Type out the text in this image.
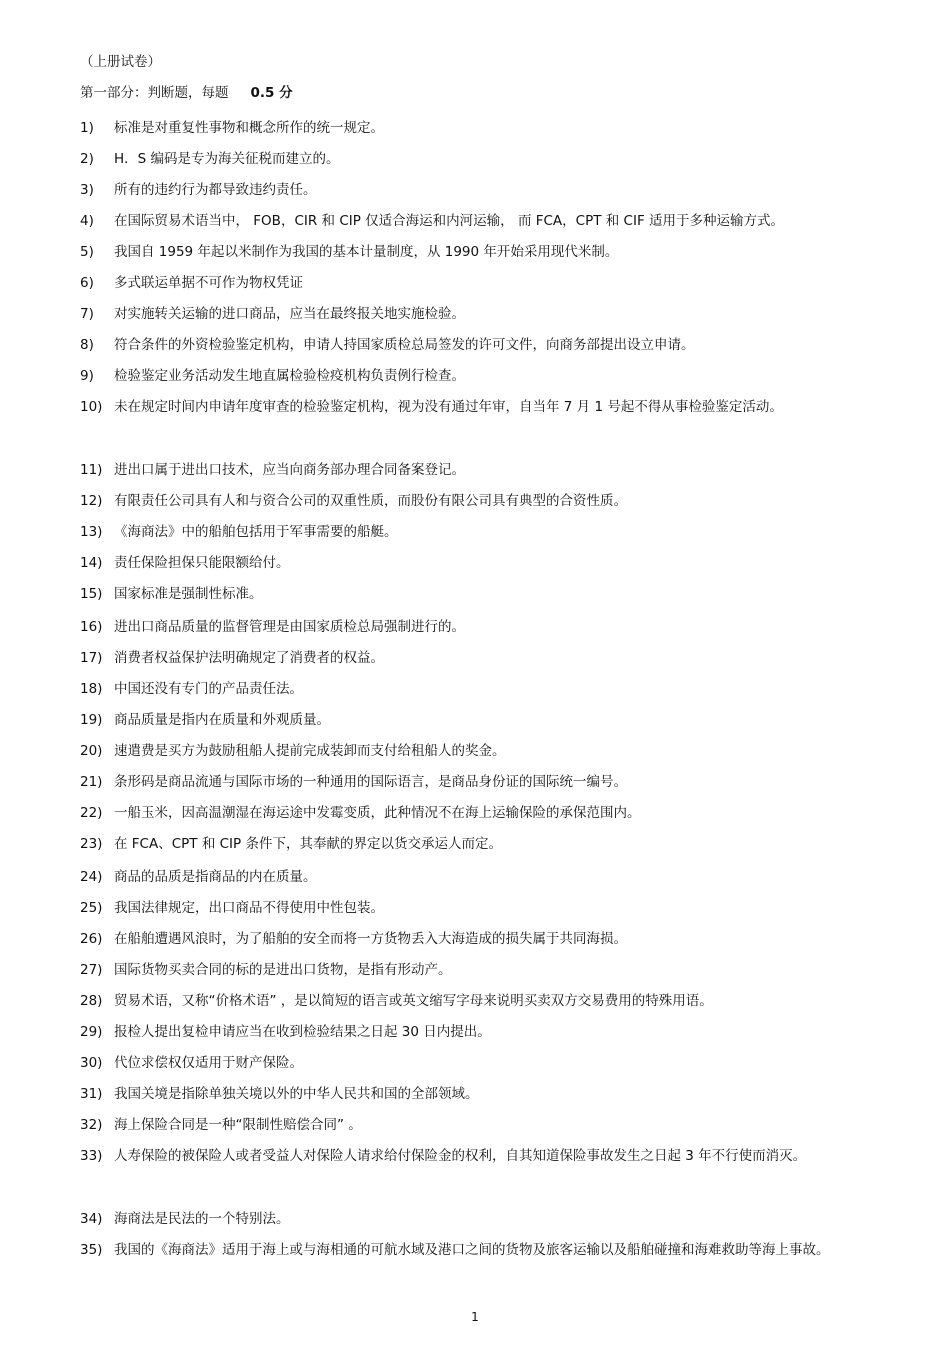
（上册试卷）
第一部分：判断题，每题 0.5 分
1)	标准是对重复性事物和概念所作的统一规定。
2)	H．S 编码是专为海关征税而建立的。
3)	所有的违约行为都导致违约责任。
4)	在国际贸易术语当中， FOB，CIR 和 CIP 仅适合海运和内河运输， 而 FCA，CPT 和 CIF 适用于多种运输方式。
5)	我国自 1959 年起以米制作为我国的基本计量制度，从 1990 年开始采用现代米制。
6)	多式联运单据不可作为物权凭证
7)	对实施转关运输的进口商品，应当在最终报关地实施检验。
8)	符合条件的外资检验鉴定机构，申请人持国家质检总局签发的许可文件，向商务部提出设立申请。
9)	检验鉴定业务活动发生地直属检验检疫机构负责例行检查。
10) 未在规定时间内申请年度审查的检验鉴定机构，视为没有通过年审，自当年 7 月 1 号起不得从事检验鉴定活动。
11) 进出口属于进出口技术，应当向商务部办理合同备案登记。
12) 有限责任公司具有人和与资合公司的双重性质，而股份有限公司具有典型的合资性质。
13) 《海商法》中的船舶包括用于军事需要的船艇。
14) 责任保险担保只能限额给付。
15) 国家标准是强制性标准。
16) 进出口商品质量的监督管理是由国家质检总局强制进行的。
17) 消费者权益保护法明确规定了消费者的权益。
18) 中国还没有专门的产品责任法。
19) 商品质量是指内在质量和外观质量。
20) 速遣费是买方为鼓励租船人提前完成装卸而支付给租船人的奖金。
21) 条形码是商品流通与国际市场的一种通用的国际语言，是商品身份证的国际统一编号。
22) 一船玉米，因高温潮湿在海运途中发霉变质，此种情况不在海上运输保险的承保范围内。
23) 在 FCA、CPT 和 CIP 条件下，其奉献的界定以货交承运人而定。
24) 商品的品质是指商品的内在质量。
25) 我国法律规定，出口商品不得使用中性包装。
26) 在船舶遭遇风浪时，为了船舶的安全而将一方货物丢入大海造成的损失属于共同海损。
27) 国际货物买卖合同的标的是进出口货物，是指有形动产。
28) 贸易术语，又称“价格术语” ，是以简短的语言或英文缩写字母来说明买卖双方交易费用的特殊用语。
29) 报检人提出复检申请应当在收到检验结果之日起 30 日内提出。
30) 代位求偿权仅适用于财产保险。
31) 我国关境是指除单独关境以外的中华人民共和国的全部领域。
32) 海上保险合同是一种“限制性赔偿合同” 。
33) 人寿保险的被保险人或者受益人对保险人请求给付保险金的权利，自其知道保险事故发生之日起 3 年不行使而消灭。
34) 海商法是民法的一个特别法。
35) 我国的《海商法》适用于海上或与海相通的可航水域及港口之间的货物及旅客运输以及船舶碰撞和海难救助等海上事故。
1
